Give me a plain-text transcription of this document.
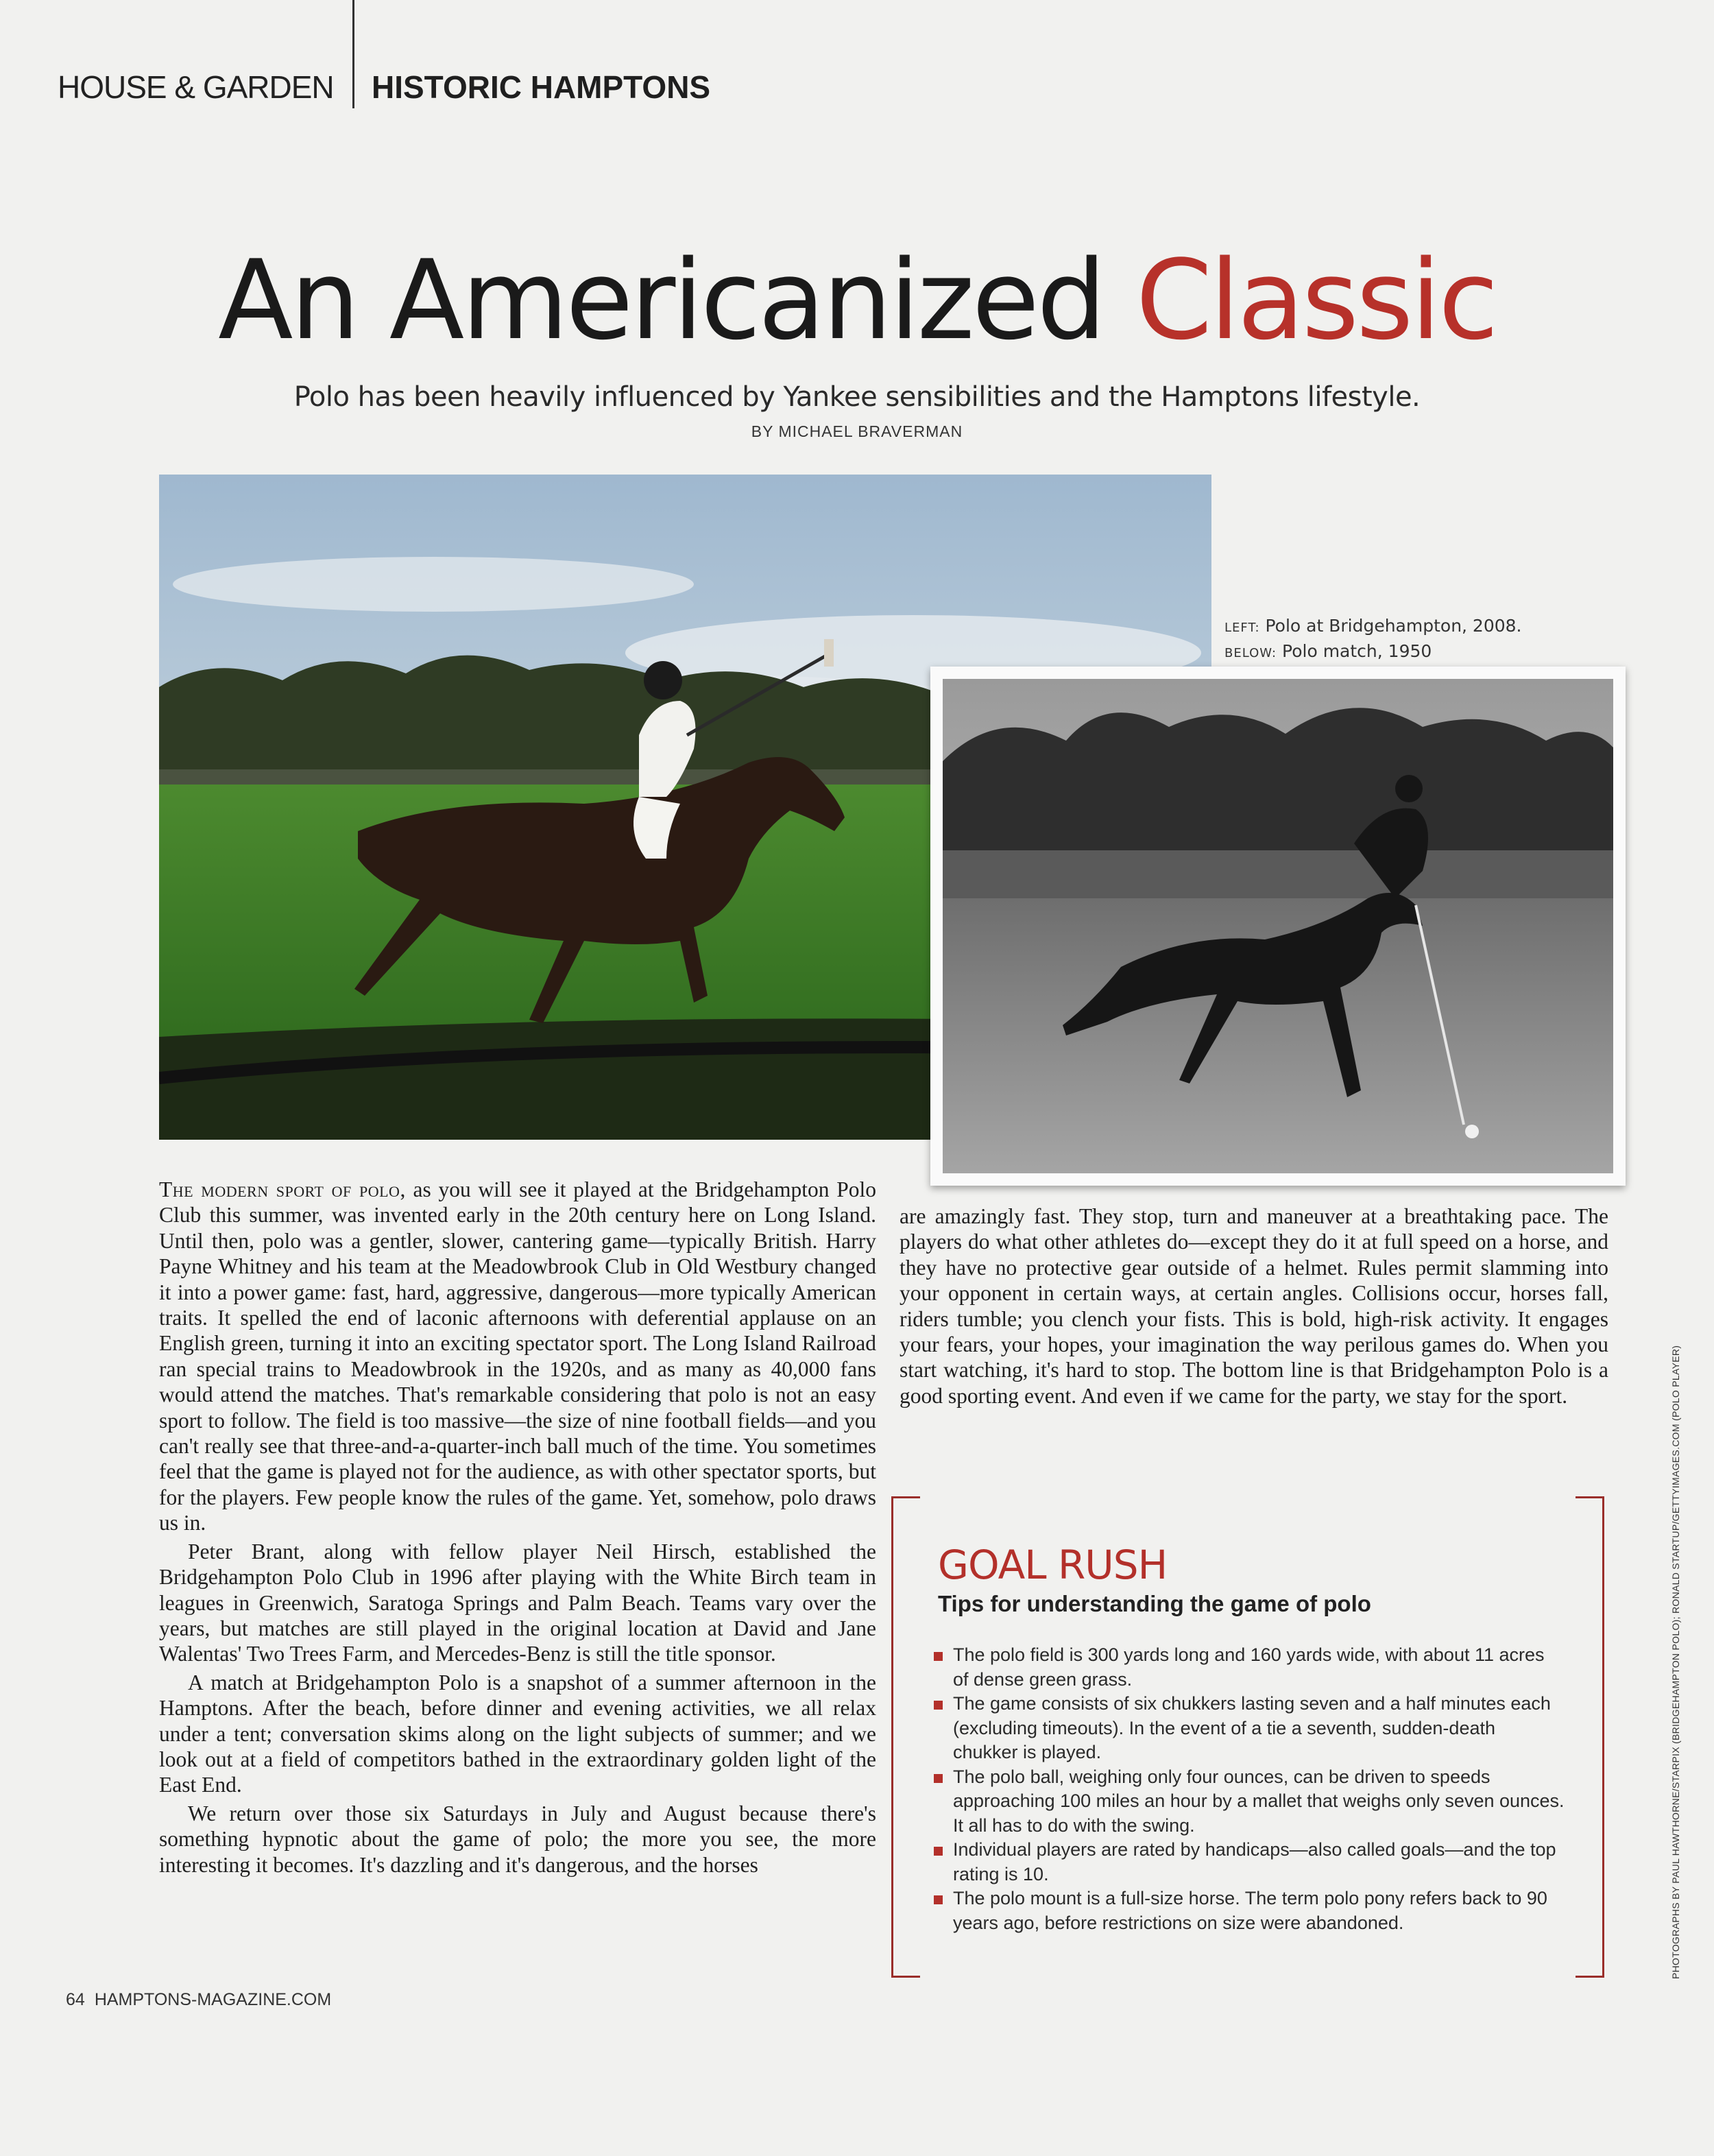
HOUSE & GARDEN HISTORIC HAMPTONS
An Americanized Classic
Polo has been heavily influenced by Yankee sensibilities and the Hamptons lifestyle.
BY MICHAEL BRAVERMAN
LEFT: Polo at Bridgehampton, 2008.
BELOW: Polo match, 1950

The modern sport of polo, as you will see it played at the Bridgehampton Polo Club this summer, was invented early in the 20th century here on Long Island. Until then, polo was a gentler, slower, cantering game—typically British. Harry Payne Whitney and his team at the Meadowbrook Club in Old Westbury changed it into a power game: fast, hard, aggressive, dangerous—more typically American traits. It spelled the end of laconic afternoons with deferential applause on an English green, turning it into an exciting spectator sport. The Long Island Railroad ran special trains to Meadowbrook in the 1920s, and as many as 40,000 fans would attend the matches. That's remarkable considering that polo is not an easy sport to follow. The field is too massive—the size of nine football fields—and you can't really see that three-and-a-quarter-inch ball much of the time. You sometimes feel that the game is played not for the audience, as with other spectator sports, but for the players. Few people know the rules of the game. Yet, somehow, polo draws us in.

Peter Brant, along with fellow player Neil Hirsch, established the Bridgehampton Polo Club in 1996 after playing with the White Birch team in leagues in Greenwich, Saratoga Springs and Palm Beach. Teams vary over the years, but matches are still played in the original location at David and Jane Walentas' Two Trees Farm, and Mercedes-Benz is still the title sponsor.

A match at Bridgehampton Polo is a snapshot of a summer afternoon in the Hamptons. After the beach, before dinner and evening activities, we all relax under a tent; conversation skims along on the light subjects of summer; and we look out at a field of competitors bathed in the extraordinary golden light of the East End.

We return over those six Saturdays in July and August because there's something hypnotic about the game of polo; the more you see, the more interesting it becomes. It's dazzling and it's dangerous, and the horses

are amazingly fast. They stop, turn and maneuver at a breathtaking pace. The players do what other athletes do—except they do it at full speed on a horse, and they have no protective gear outside of a helmet. Rules permit slamming into your opponent in certain ways, at certain angles. Collisions occur, horses fall, riders tumble; you clench your fists. This is bold, high-risk activity. It engages your fears, your hopes, your imagination the way perilous games do. When you start watching, it's hard to stop. The bottom line is that Bridgehampton Polo is a good sporting event. And even if we came for the party, we stay for the sport.

GOAL RUSH
Tips for understanding the game of polo
The polo field is 300 yards long and 160 yards wide, with about 11 acres of dense green grass.
The game consists of six chukkers lasting seven and a half minutes each (excluding timeouts). In the event of a tie a seventh, sudden-death chukker is played.
The polo ball, weighing only four ounces, can be driven to speeds approaching 100 miles an hour by a mallet that weighs only seven ounces. It all has to do with the swing.
Individual players are rated by handicaps—also called goals—and the top rating is 10.
The polo mount is a full-size horse. The term polo pony refers back to 90 years ago, before restrictions on size were abandoned.	PHOTOGRAPHS BY PAUL HAWTHORNE/STARPIX (BRIDGEHAMPTON POLO); RONALD STARTUP/GETTYIMAGES.COM (POLO PLAYER)
64 HAMPTONS-MAGAZINE.COM
